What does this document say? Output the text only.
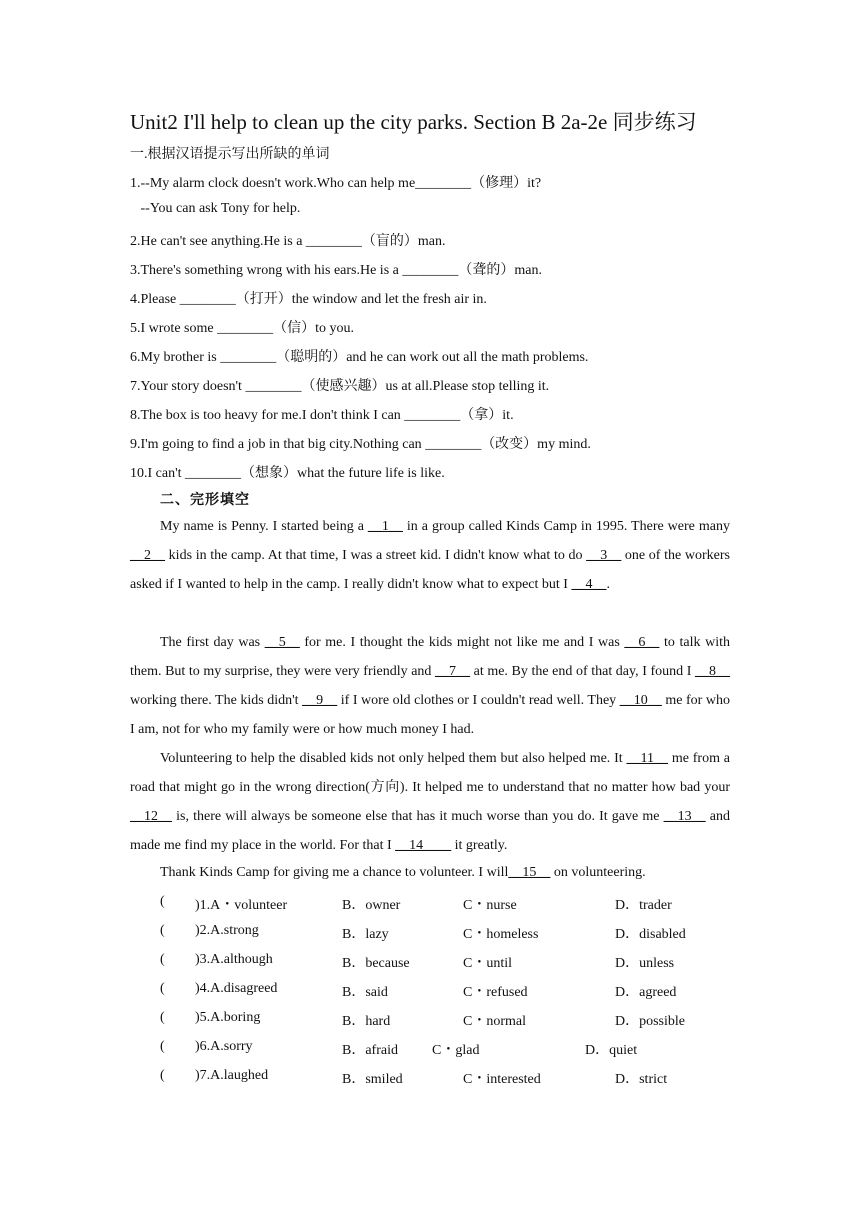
Unit2 I'll help to clean up the city parks. Section B 2a-2e 同步练习
一.根据汉语提示写出所缺的单词
1.--My alarm clock doesn't work.Who can help me________（修理）it?
--You can ask Tony for help.
2.He can't see anything.He is a ________（盲的）man.
3.There's something wrong with his ears.He is a ________（聋的）man.
4.Please ________（打开）the window and let the fresh air in.
5.I wrote some ________（信）to you.
6.My brother is ________（聪明的）and he can work out all the math problems.
7.Your story doesn't ________（使感兴趣）us at all.Please stop telling it.
8.The box is too heavy for me.I don't think I can ________（拿）it.
9.I'm going to find a job in that big city.Nothing can ________（改变）my mind.
10.I can't ________（想象）what the future life is like.
二、完形填空
My name is Penny. I started being a __1__ in a group called Kinds Camp in 1995. There were many __2__ kids in the camp. At that time, I was a street kid. I didn't know what to do __3__ one of the workers asked if I wanted to help in the camp. I really didn't know what to expect but I __4__.
The first day was __5__ for me. I thought the kids might not like me and I was __6__ to talk with them. But to my surprise, they were very friendly and __7__ at me. By the end of that day, I found I __8__ working there. The kids didn't __9__ if I wore old clothes or I couldn't read well. They __10__ me for who I am, not for who my family were or how much money I had.
Volunteering to help the disabled kids not only helped them but also helped me. It __11__ me from a road that might go in the wrong direction(方向). It helped me to understand that no matter how bad your __12__ is, there will always be someone else that has it much worse than you do. It gave me __13__ and made me find my place in the world. For that I __14____ it greatly.
Thank Kinds Camp for giving me a chance to volunteer. I will__15__ on volunteering.
( )1.A・volunteer	B．owner	C・nurse	D．trader
( )2.A.strong	B．lazy	C・homeless	D．disabled
( )3.A.although	B．because	C・until	D．unless
( )4.A.disagreed	B．said	C・refused	D．agreed
( )5.A.boring	B．hard	C・normal	D．possible
( )6.A.sorry	B．afraid C・glad	D．quiet
( )7.A.laughed	B．smiled	C・interested	D．strict
